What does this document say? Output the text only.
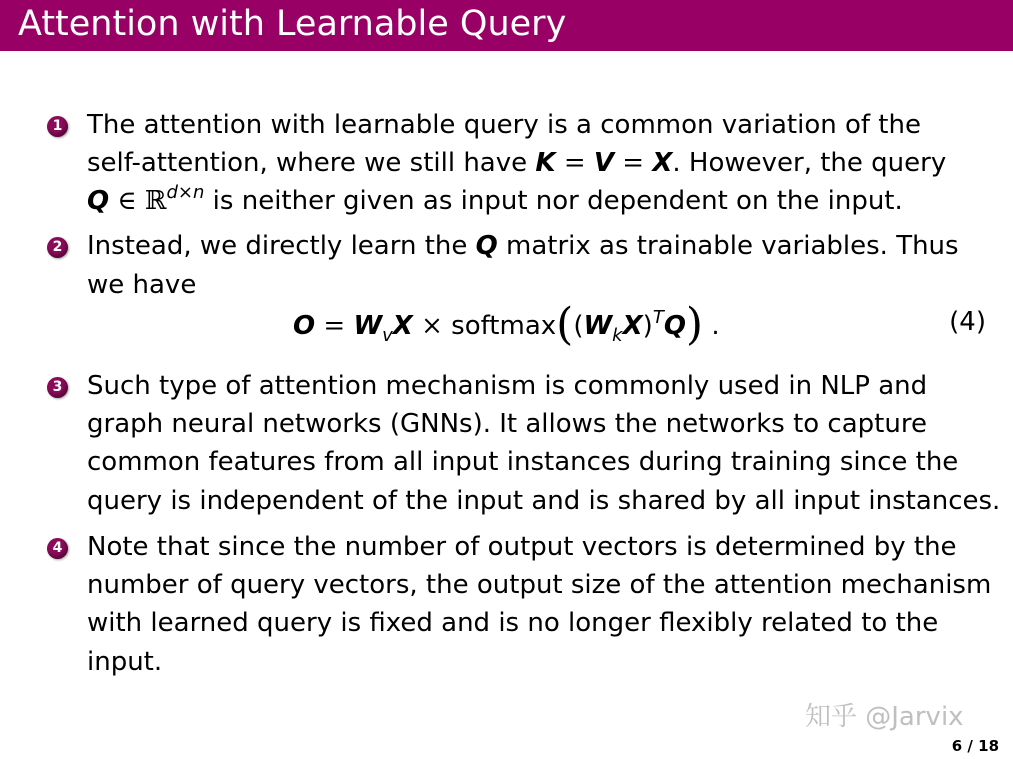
Attention with Learnable Query
1 The attention with learnable query is a common variation of the
self-attention, where we still have K = V = X. However, the query
Q ∈ ℝ$^{d\times n}$ is neither given as input nor dependent on the input.
2 Instead, we directly learn the Q matrix as trainable variables. Thus
we have
$O = W_vX$ × $softmax((W_kX)^TQ)$ .	(4)
3 Such type of attention mechanism is commonly used in NLP and
graph neural networks (GNNs). It allows the networks to capture
common features from all input instances during training since the
query is independent of the input and is shared by all input instances.
4 Note that since the number of output vectors is determined by the
number of query vectors, the output size of the attention mechanism
with learned query is fixed and is no longer flexibly related to the
input.
知乎 @Jarvix
6 / 18
